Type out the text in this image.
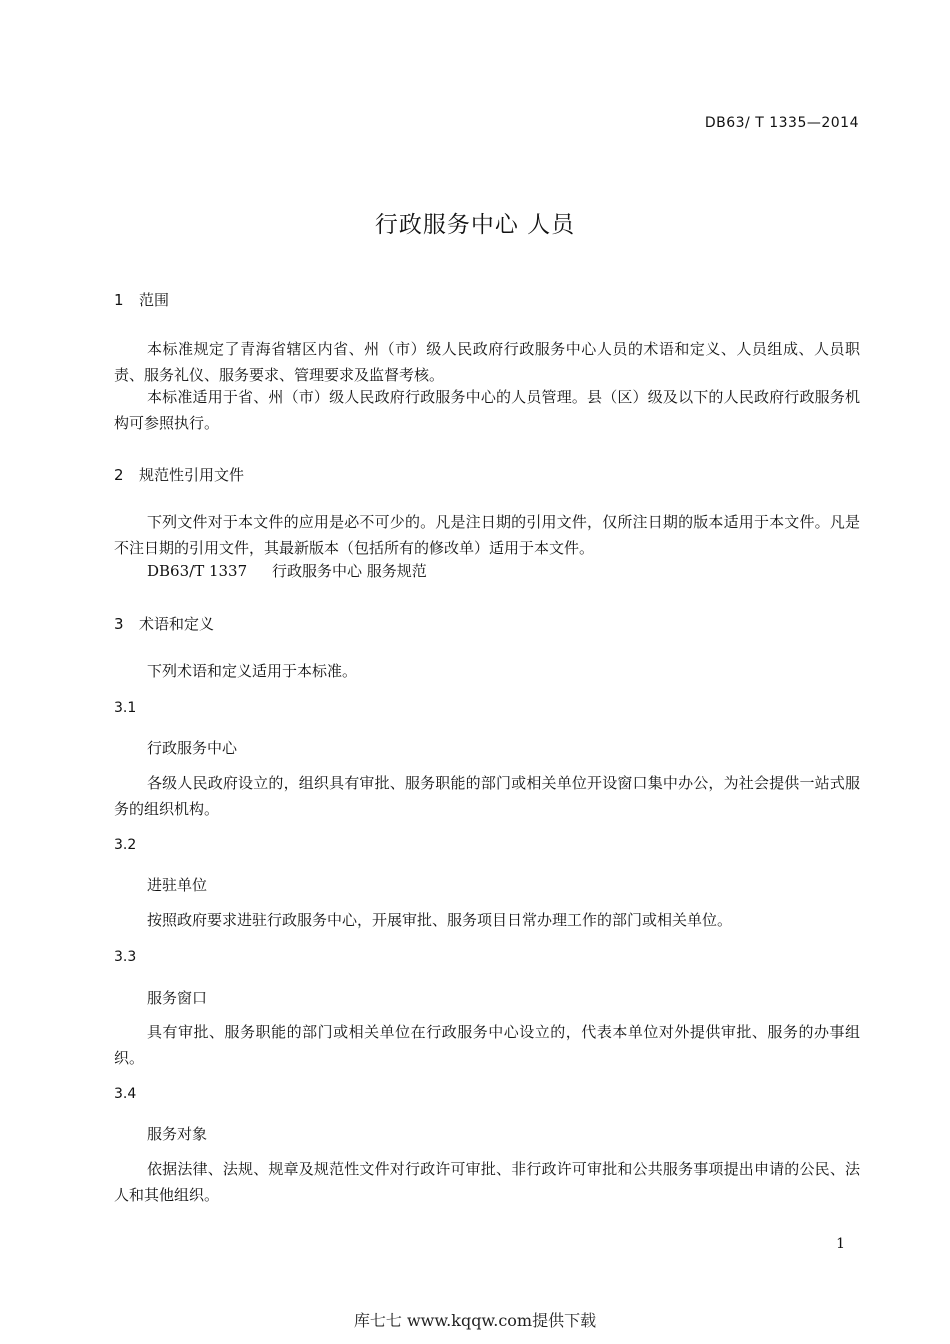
DB63/ T 1335—2014
行政服务中心 人员
1 范围
本标准规定了青海省辖区内省、州（市）级人民政府行政服务中心人员的术语和定义、人员组成、人员职责、服务礼仪、服务要求、管理要求及监督考核。
本标准适用于省、州（市）级人民政府行政服务中心的人员管理。县（区）级及以下的人民政府行政服务机构可参照执行。
2 规范性引用文件
下列文件对于本文件的应用是必不可少的。凡是注日期的引用文件，仅所注日期的版本适用于本文件。凡是不注日期的引用文件，其最新版本（包括所有的修改单）适用于本文件。
DB63/T 1337 行政服务中心 服务规范
3 术语和定义
下列术语和定义适用于本标准。
3.1
行政服务中心
各级人民政府设立的，组织具有审批、服务职能的部门或相关单位开设窗口集中办公，为社会提供一站式服务的组织机构。
3.2
进驻单位
按照政府要求进驻行政服务中心，开展审批、服务项目日常办理工作的部门或相关单位。
3.3
服务窗口
具有审批、服务职能的部门或相关单位在行政服务中心设立的，代表本单位对外提供审批、服务的办事组织。
3.4
服务对象
依据法律、法规、规章及规范性文件对行政许可审批、非行政许可审批和公共服务事项提出申请的公民、法人和其他组织。
1
库七七 www.kqqw.com提供下载
